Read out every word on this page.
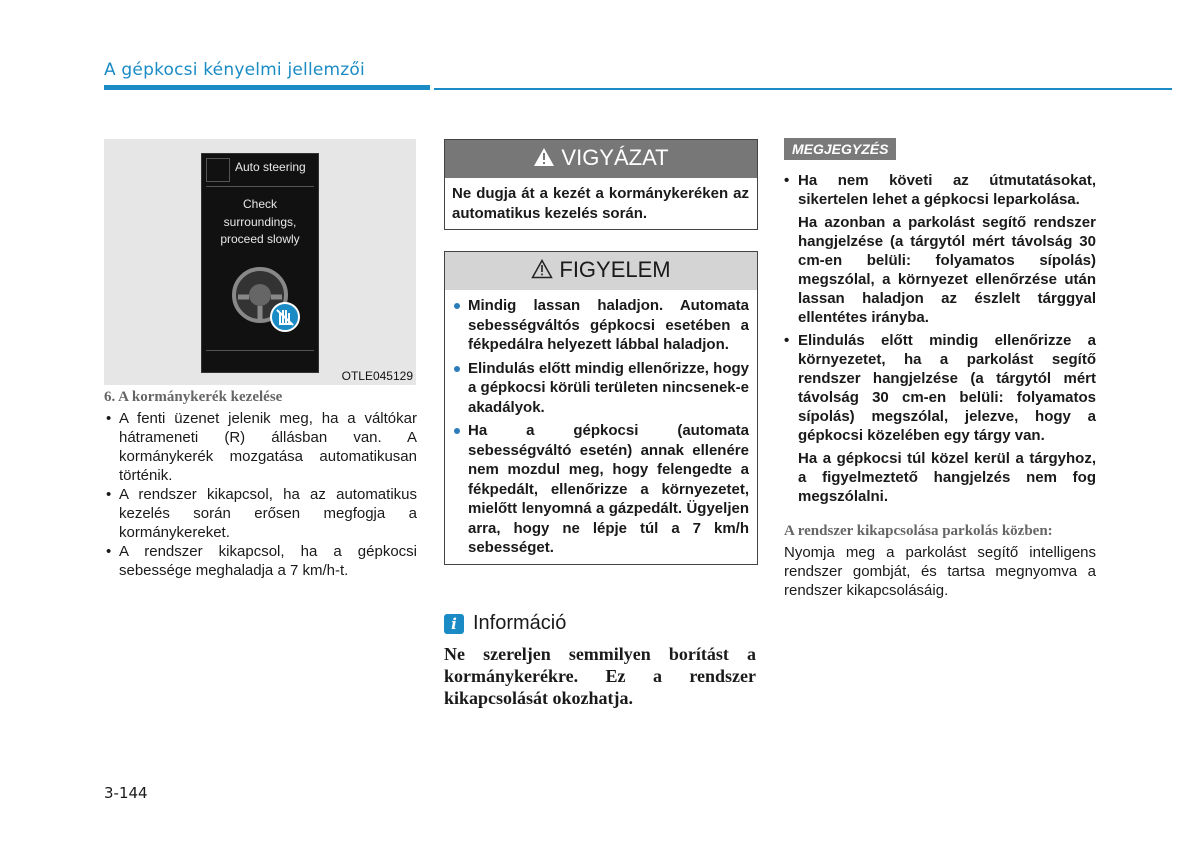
A gépkocsi kényelmi jellemzői
Auto steering
Check
surroundings,
proceed slowly
OTLE045129

6. A kormánykerék kezelése

• A fenti üzenet jelenik meg, ha a váltókar hátrameneti (R) állásban van. A kormánykerék mozgatása automatikusan történik.

• A rendszer kikapcsol, ha az automatikus kezelés során erősen megfogja a kormánykereket.

• A rendszer kikapcsol, ha a gépkocsi sebessége meghaladja a 7 km/h-t.

VIGYÁZAT
Ne dugja át a kezét a kormánykeréken az automatikus kezelés során.
FIGYELEM
Mindig lassan haladjon. Automata sebességváltós gépkocsi esetében a fékpedálra helyezett lábbal haladjon.
Elindulás előtt mindig ellenőrizze, hogy a gépkocsi körüli területen nincsenek-e akadályok.
Ha a gépkocsi (automata sebességváltó esetén) annak ellenére nem mozdul meg, hogy felengedte a fékpedált, ellenőrizze a környezetet, mielőtt lenyomná a gázpedált. Ügyeljen arra, hogy ne lépje túl a 7 km/h sebességet.
i Információ
Ne szereljen semmilyen borítást a kormánykerékre. Ez a rendszer kikapcsolását okozhatja.
MEGJEGYZÉS

• Ha nem követi az útmutatásokat, sikertelen lehet a gépkocsi leparkolása.

Ha azonban a parkolást segítő rendszer hangjelzése (a tárgytól mért távolság 30 cm-en belüli: folyamatos sípolás) megszólal, a környezet ellenőrzése után lassan haladjon az észlelt tárggyal ellentétes irányba.

• Elindulás előtt mindig ellenőrizze a környezetet, ha a parkolást segítő rendszer hangjelzése (a tárgytól mért távolság 30 cm-en belüli: folyamatos sípolás) megszólal, jelezve, hogy a gépkocsi közelében egy tárgy van.

Ha a gépkocsi túl közel kerül a tárgyhoz, a figyelmeztető hangjelzés nem fog megszólalni.

A rendszer kikapcsolása parkolás közben:
Nyomja meg a parkolást segítő intelligens rendszer gombját, és tartsa megnyomva a rendszer kikapcsolásáig.
3-144
